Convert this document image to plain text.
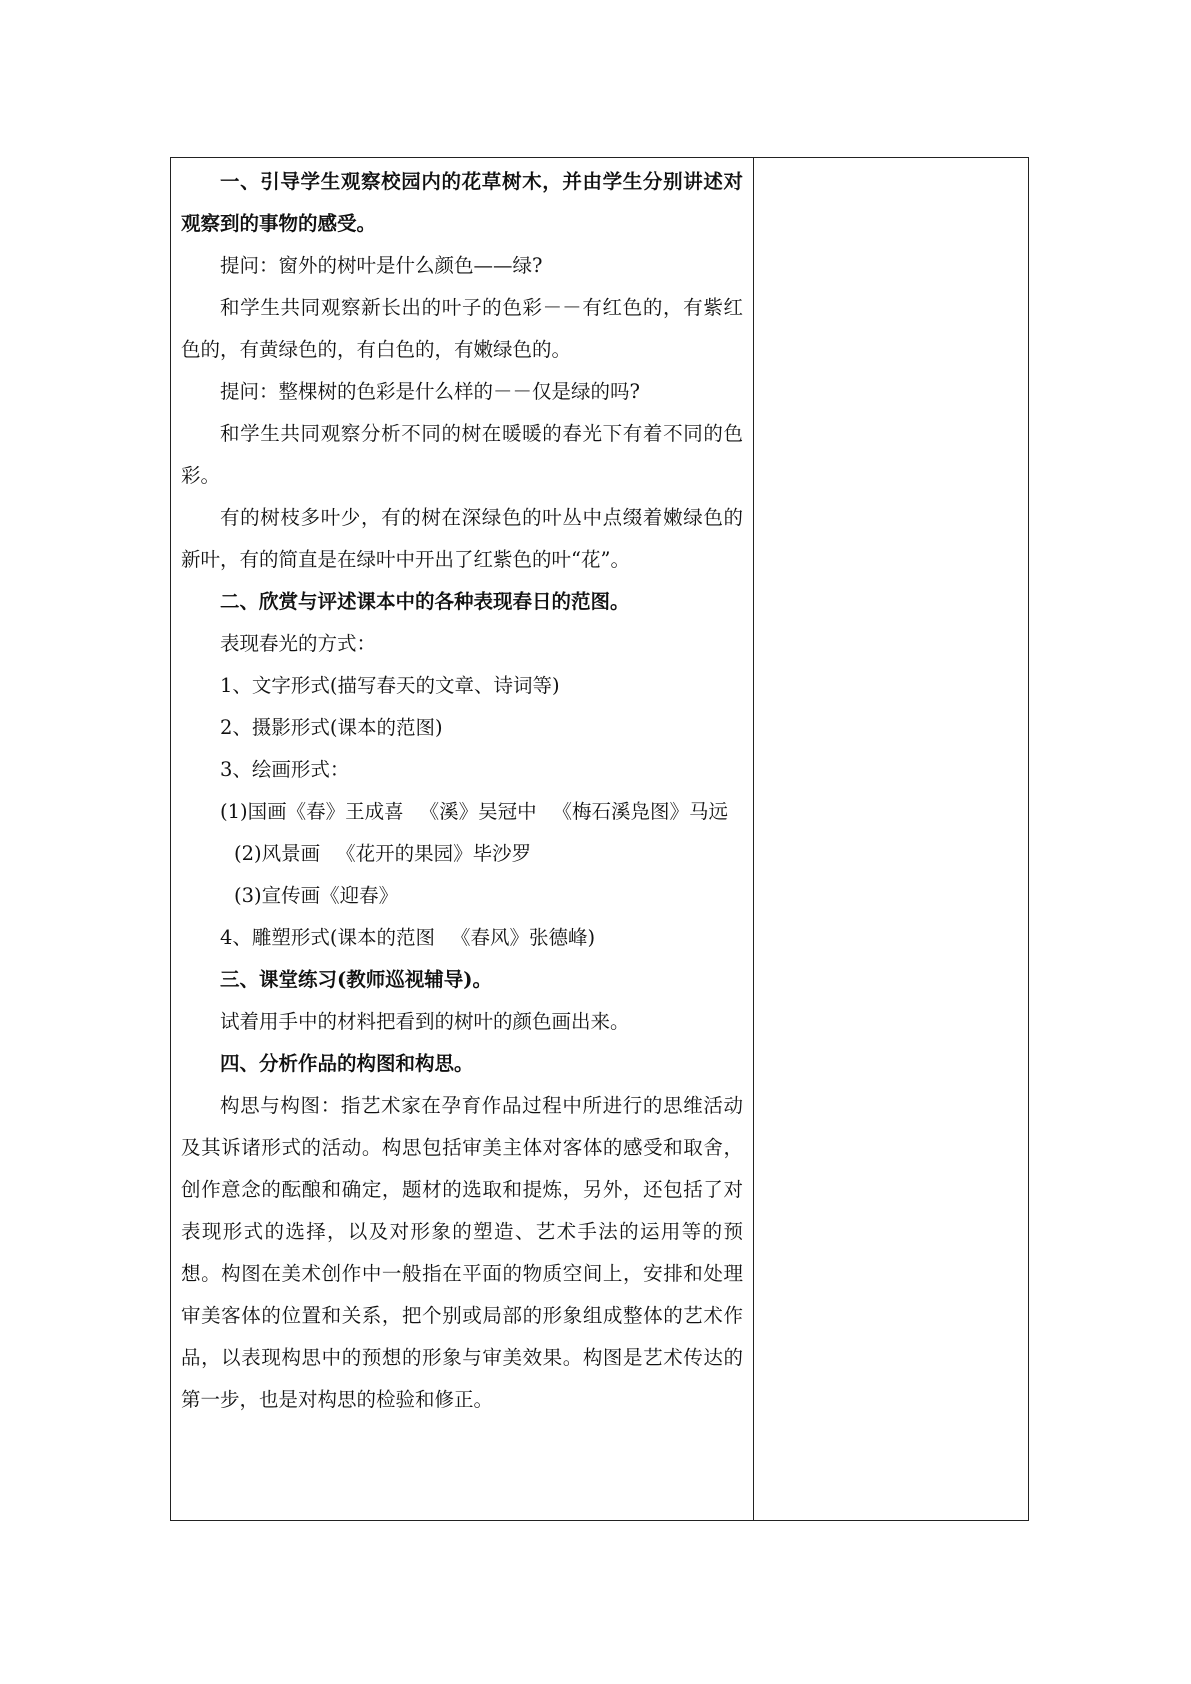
一、引导学生观察校园内的花草树木，并由学生分别讲述对观察到的事物的感受。

提问：窗外的树叶是什么颜色——绿?

和学生共同观察新长出的叶子的色彩－－有红色的，有紫红色的，有黄绿色的，有白色的，有嫩绿色的。

提问：整棵树的色彩是什么样的－－仅是绿的吗?

和学生共同观察分析不同的树在暖暖的春光下有着不同的色彩。

有的树枝多叶少，有的树在深绿色的叶丛中点缀着嫩绿色的新叶，有的简直是在绿叶中开出了红紫色的叶“花”。

二、欣赏与评述课本中的各种表现春日的范图。

表现春光的方式：

1、文字形式(描写春天的文章、诗词等)

2、摄影形式(课本的范图)

3、绘画形式：

(1)国画《春》王成喜 　《溪》吴冠中 　《梅石溪凫图》马远

(2)风景画 　《花开的果园》毕沙罗

(3)宣传画《迎春》

4、雕塑形式(课本的范图 　《春风》张德峰)

三、课堂练习(教师巡视辅导)。

试着用手中的材料把看到的树叶的颜色画出来。

四、分析作品的构图和构思。

构思与构图：指艺术家在孕育作品过程中所进行的思维活动及其诉诸形式的活动。构思包括审美主体对客体的感受和取舍，创作意念的酝酿和确定，题材的选取和提炼，另外，还包括了对表现形式的选择，以及对形象的塑造、艺术手法的运用等的预想。构图在美术创作中一般指在平面的物质空间上，安排和处理审美客体的位置和关系，把个别或局部的形象组成整体的艺术作品，以表现构思中的预想的形象与审美效果。构图是艺术传达的第一步，也是对构思的检验和修正。
